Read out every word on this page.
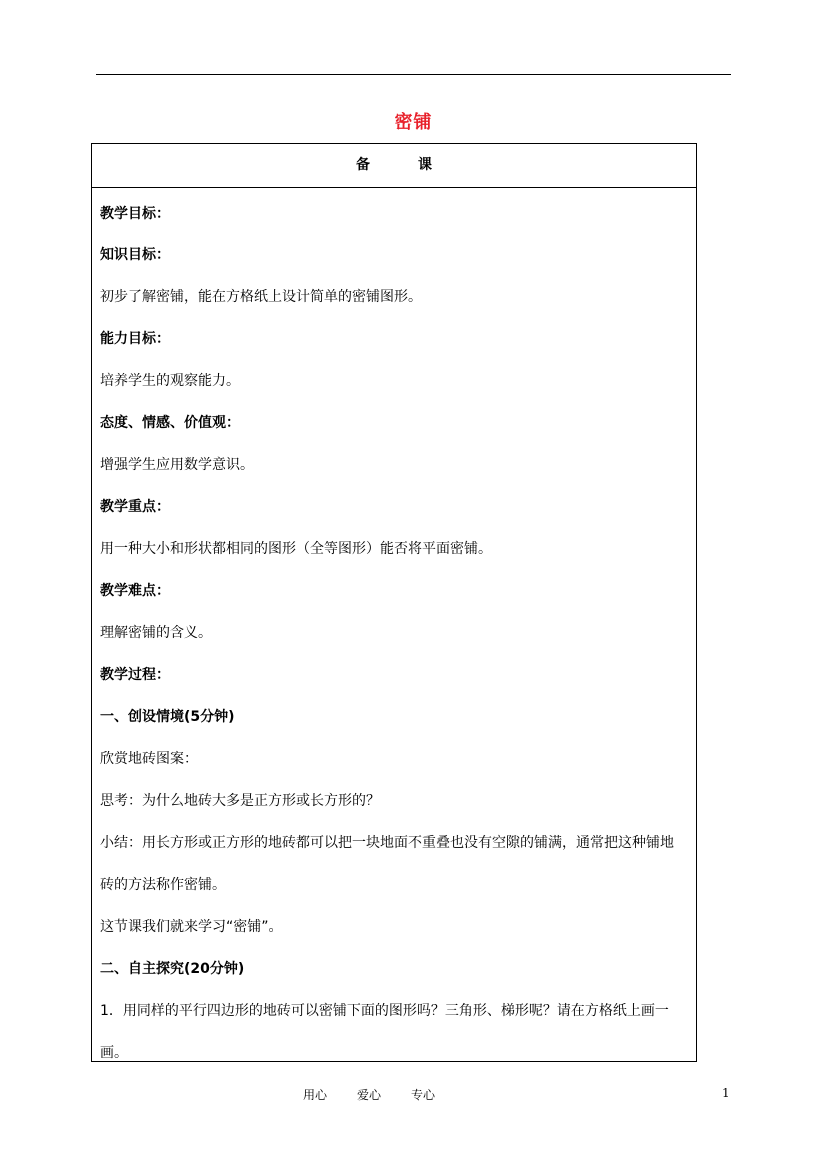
密铺
备	课
教学目标：
知识目标：
初步了解密铺，能在方格纸上设计简单的密铺图形。
能力目标：
培养学生的观察能力。
态度、情感、价值观：
增强学生应用数学意识。
教学重点：
用一种大小和形状都相同的图形（全等图形）能否将平面密铺。
教学难点：
理解密铺的含义。
教学过程：
一、创设情境(5分钟)
欣赏地砖图案：
思考：为什么地砖大多是正方形或长方形的？
小结：用长方形或正方形的地砖都可以把一块地面不重叠也没有空隙的铺满，通常把这种铺地
砖的方法称作密铺。
这节课我们就来学习“密铺”。
二、自主探究(20分钟)
1．用同样的平行四边形的地砖可以密铺下面的图形吗？三角形、梯形呢？请在方格纸上画一
画。
用心	爱心	专心	1
